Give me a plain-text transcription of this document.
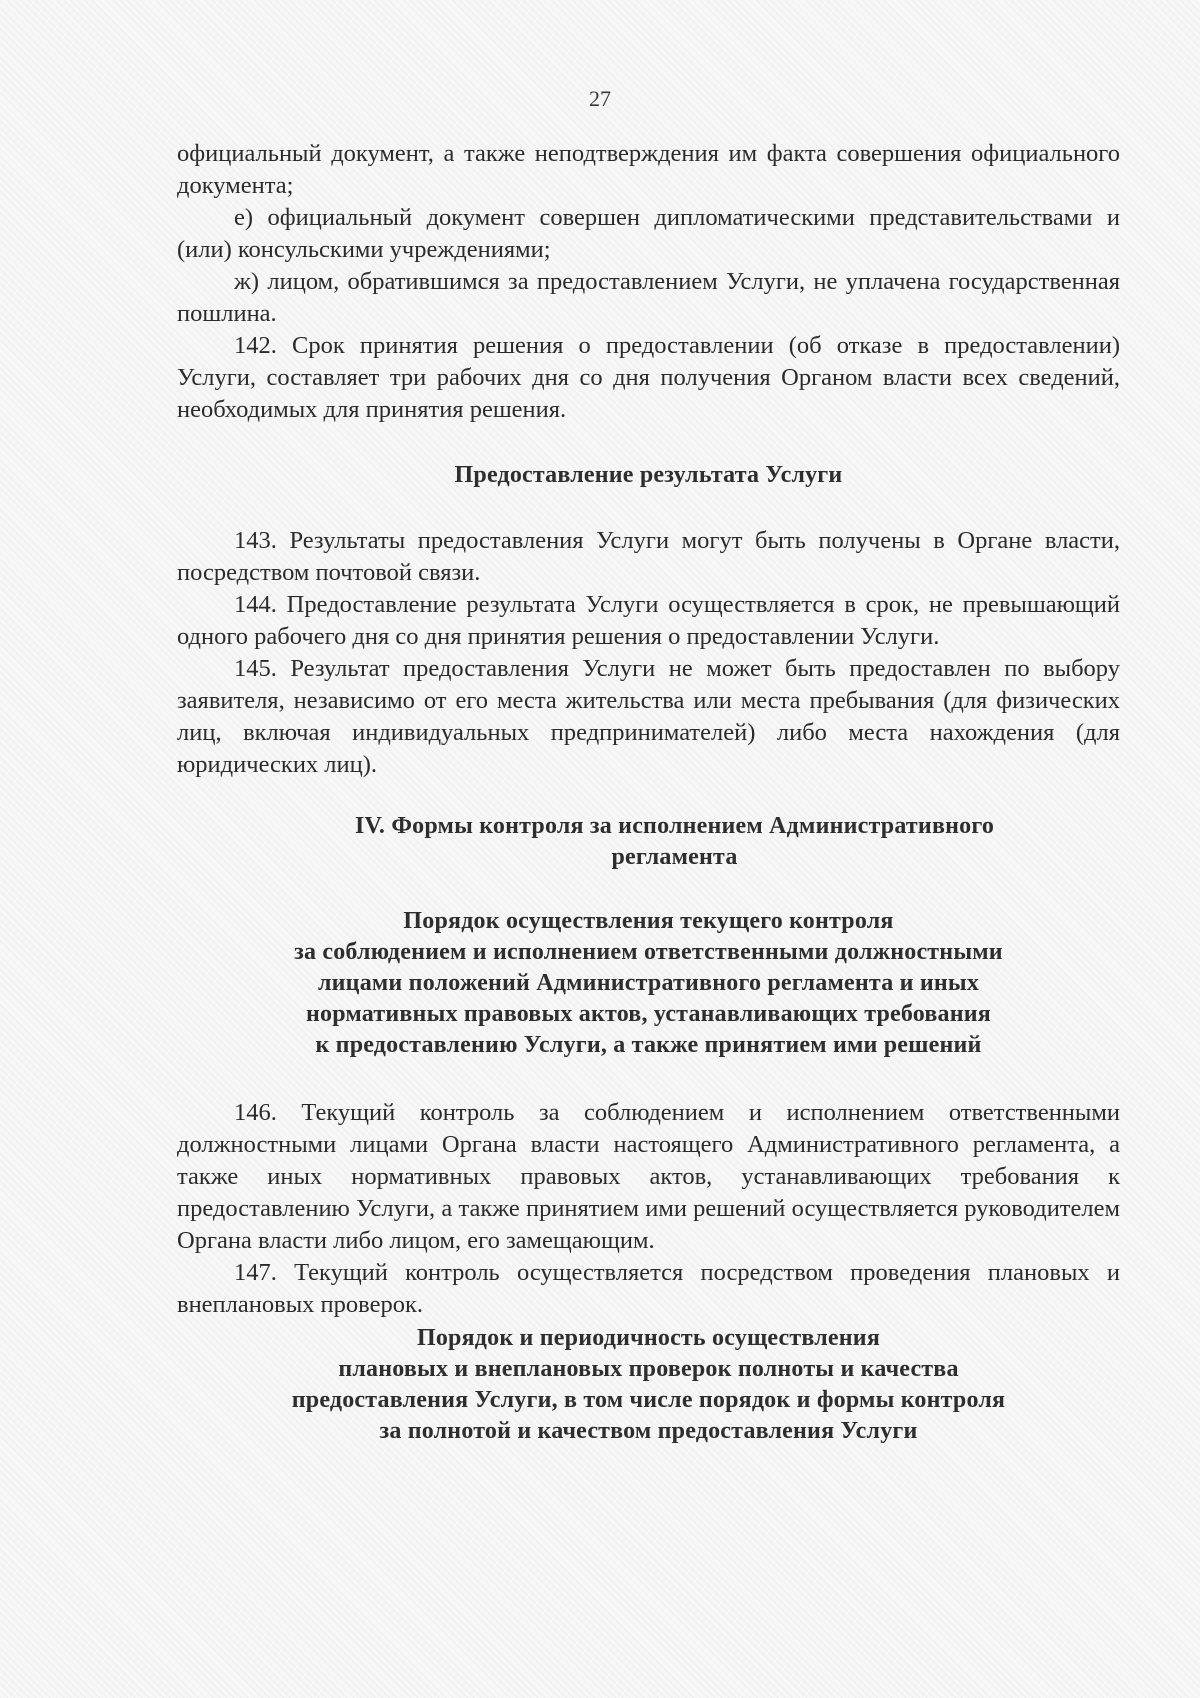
27

официальный документ, а также неподтверждения им факта совершения официального документа;

е) официальный документ совершен дипломатическими представительствами и (или) консульскими учреждениями;

ж) лицом, обратившимся за предоставлением Услуги, не уплачена государственная пошлина.

142. Срок принятия решения о предоставлении (об отказе в предоставлении) Услуги, составляет три рабочих дня со дня получения Органом власти всех сведений, необходимых для принятия решения.

Предоставление результата Услуги

143. Результаты предоставления Услуги могут быть получены в Органе власти, посредством почтовой связи.

144. Предоставление результата Услуги осуществляется в срок, не превышающий одного рабочего дня со дня принятия решения о предоставлении Услуги.

145. Результат предоставления Услуги не может быть предоставлен по выбору заявителя, независимо от его места жительства или места пребывания (для физических лиц, включая индивидуальных предпринимателей) либо места нахождения (для юридических лиц).

IV. Формы контроля за исполнением Административного
регламента
Порядок осуществления текущего контроля
за соблюдением и исполнением ответственными должностными
лицами положений Административного регламента и иных
нормативных правовых актов, устанавливающих требования
к предоставлению Услуги, а также принятием ими решений

146. Текущий контроль за соблюдением и исполнением ответственными должностными лицами Органа власти настоящего Административного регламента, а также иных нормативных правовых актов, устанавливающих требования к предоставлению Услуги, а также принятием ими решений осуществляется руководителем Органа власти либо лицом, его замещающим.

147. Текущий контроль осуществляется посредством проведения плановых и внеплановых проверок.

Порядок и периодичность осуществления
плановых и внеплановых проверок полноты и качества
предоставления Услуги, в том числе порядок и формы контроля
за полнотой и качеством предоставления Услуги
